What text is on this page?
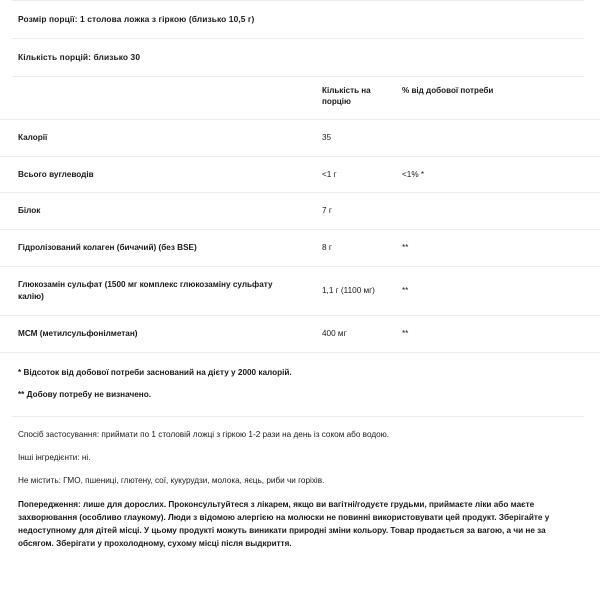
Розмір порції: 1 столова ложка з гіркою (близько 10,5 г)
Кількість порцій: близько 30
	Кількість на порцію	% від добової потреби
Калорії	35	
Всього вуглеводів	<1 г	<1% *
Білок	7 г	
Гідролізований колаген (бичачий) (без BSE)	8 г	**
Глюкозамін сульфат (1500 мг комплекс глюкозаміну сульфату калію)	1,1 г (1100 мг)	**
МСМ (метилсульфонілметан)	400 мг	**

* Відсоток від добової потреби заснований на дієту у 2000 калорій.

** Добову потребу не визначено.

Спосіб застосування: приймати по 1 столовій ложці з гіркою 1-2 рази на день із соком або водою.

Інші інгредієнти: ні.

Не містить: ГМО, пшениці, глютену, сої, кукурудзи, молока, яєць, риби чи горіхів.

Попередження: лише для дорослих. Проконсультуйтеся з лікарем, якщо ви вагітні/годуєте грудьми, приймаєте ліки або маєте захворювання (особливо глаукому). Люди з відомою алергією на молюски не повинні використовувати цей продукт. Зберігайте у недоступному для дітей місці. У цьому продукті можуть виникати природні зміни кольору. Товар продається за вагою, а чи не за обсягом. Зберігати у прохолодному, сухому місці після выдкриття.
